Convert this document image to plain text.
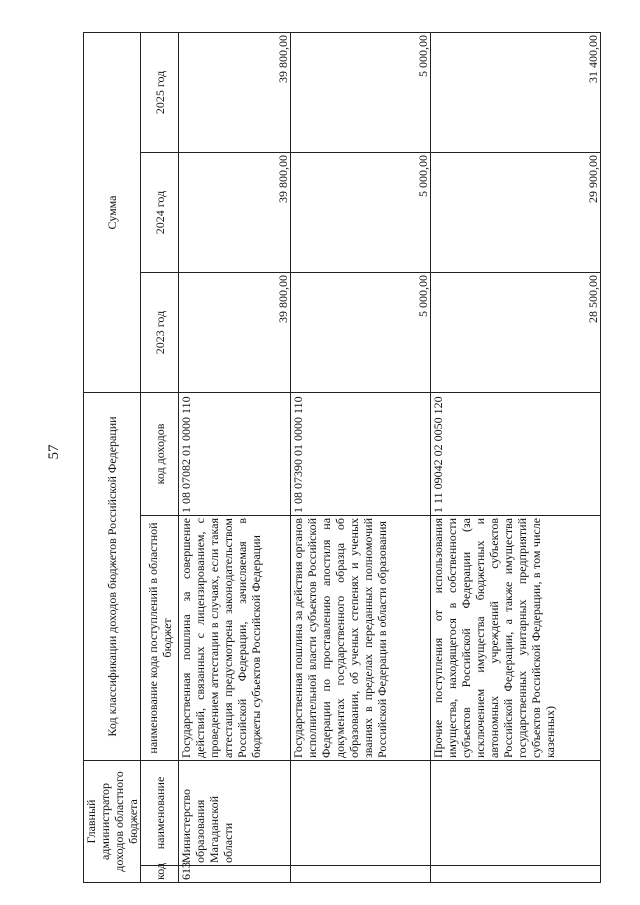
57
Главный администратор доходов областного бюджета		Код классификации доходов бюджетов Российской Федерации		Сумма		
код	наименование	наименование кода поступлений в областной бюджет	код доходов	2023 год	2024 год	2025 год
613	Министерство образования Магаданской области	Государственная пошлина за совершение действий, связанных с лицензированием, с проведением аттестации в случаях, если такая аттестация предусмотрена законодательством Российской Федерации, зачисляемая в бюджеты субъектов Российской Федерации	1 08 07082 01 0000 110	39 800,00	39 800,00	39 800,00
		Государственная пошлина за действия органов исполнительной власти субъектов Российской Федерации по проставлению апостиля на документах государственного образца об образовании, об ученых степенях и ученых званиях в пределах переданных полномочий Российской Федерации в области образования	1 08 07390 01 0000 110	5 000,00	5 000,00	5 000,00
		Прочие поступления от использования имущества, находящегося в собственности субъектов Российской Федерации (за исключением имущества бюджетных и автономных учреждений субъектов Российской Федерации, а также имущества государственных унитарных предприятий субъектов Российской Федерации, в том числе казенных)	1 11 09042 02 0050 120	28 500,00	29 900,00	31 400,00
